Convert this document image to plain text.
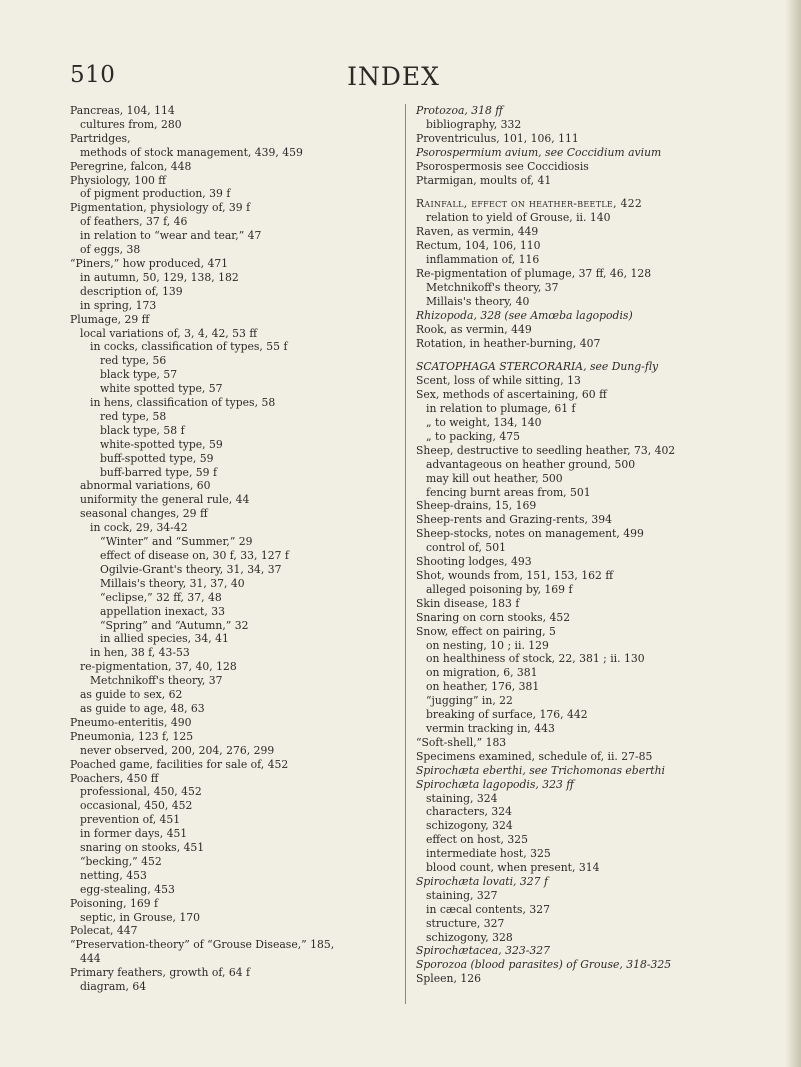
510	INDEX
Pancreas, 104, 114
cultures from, 280
Partridges,
methods of stock management, 439, 459
Peregrine, falcon, 448
Physiology, 100 ff
of pigment production, 39 f
Pigmentation, physiology of, 39 f
of feathers, 37 f, 46
in relation to “wear and tear,” 47
of eggs, 38
“Piners,” how produced, 471
in autumn, 50, 129, 138, 182
description of, 139
in spring, 173
Plumage, 29 ff
local variations of, 3, 4, 42, 53 ff
in cocks, classification of types, 55 f
red type, 56
black type, 57
white spotted type, 57
in hens, classification of types, 58
red type, 58
black type, 58 f
white-spotted type, 59
buff-spotted type, 59
buff-barred type, 59 f
abnormal variations, 60
uniformity the general rule, 44
seasonal changes, 29 ff
in cock, 29, 34-42
“Winter” and “Summer,” 29
effect of disease on, 30 f, 33, 127 f
Ogilvie-Grant's theory, 31, 34, 37
Millais's theory, 31, 37, 40
“eclipse,” 32 ff, 37, 48
appellation inexact, 33
“Spring” and “Autumn,” 32
in allied species, 34, 41
in hen, 38 f, 43-53
re-pigmentation, 37, 40, 128
Metchnikoff's theory, 37
as guide to sex, 62
as guide to age, 48, 63
Pneumo-enteritis, 490
Pneumonia, 123 f, 125
never observed, 200, 204, 276, 299
Poached game, facilities for sale of, 452
Poachers, 450 ff
professional, 450, 452
occasional, 450, 452
prevention of, 451
in former days, 451
snaring on stooks, 451
“becking,” 452
netting, 453
egg-stealing, 453
Poisoning, 169 f
septic, in Grouse, 170
Polecat, 447
“Preservation-theory” of “Grouse Disease,” 185,
444
Primary feathers, growth of, 64 f
diagram, 64
Protozoa, 318 ff
bibliography, 332
Proventriculus, 101, 106, 111
Psorospermium avium, see Coccidium avium
Psorospermosis see Coccidiosis
Ptarmigan, moults of, 41
Rainfall, effect on heather-beetle, 422
relation to yield of Grouse, ii. 140
Raven, as vermin, 449
Rectum, 104, 106, 110
inflammation of, 116
Re-pigmentation of plumage, 37 ff, 46, 128
Metchnikoff's theory, 37
Millais's theory, 40
Rhizopoda, 328 (see Amœba lagopodis)
Rook, as vermin, 449
Rotation, in heather-burning, 407
SCATOPHAGA STERCORARIA, see Dung-fly
Scent, loss of while sitting, 13
Sex, methods of ascertaining, 60 ff
in relation to plumage, 61 f
„ to weight, 134, 140
„ to packing, 475
Sheep, destructive to seedling heather, 73, 402
advantageous on heather ground, 500
may kill out heather, 500
fencing burnt areas from, 501
Sheep-drains, 15, 169
Sheep-rents and Grazing-rents, 394
Sheep-stocks, notes on management, 499
control of, 501
Shooting lodges, 493
Shot, wounds from, 151, 153, 162 ff
alleged poisoning by, 169 f
Skin disease, 183 f
Snaring on corn stooks, 452
Snow, effect on pairing, 5
on nesting, 10 ; ii. 129
on healthiness of stock, 22, 381 ; ii. 130
on migration, 6, 381
on heather, 176, 381
“jugging” in, 22
breaking of surface, 176, 442
vermin tracking in, 443
“Soft-shell,” 183
Specimens examined, schedule of, ii. 27-85
Spirochæta eberthi, see Trichomonas eberthi
Spirochæta lagopodis, 323 ff
staining, 324
characters, 324
schizogony, 324
effect on host, 325
intermediate host, 325
blood count, when present, 314
Spirochæta lovati, 327 f
staining, 327
in cæcal contents, 327
structure, 327
schizogony, 328
Spirochætacea, 323-327
Sporozoa (blood parasites) of Grouse, 318-325
Spleen, 126
